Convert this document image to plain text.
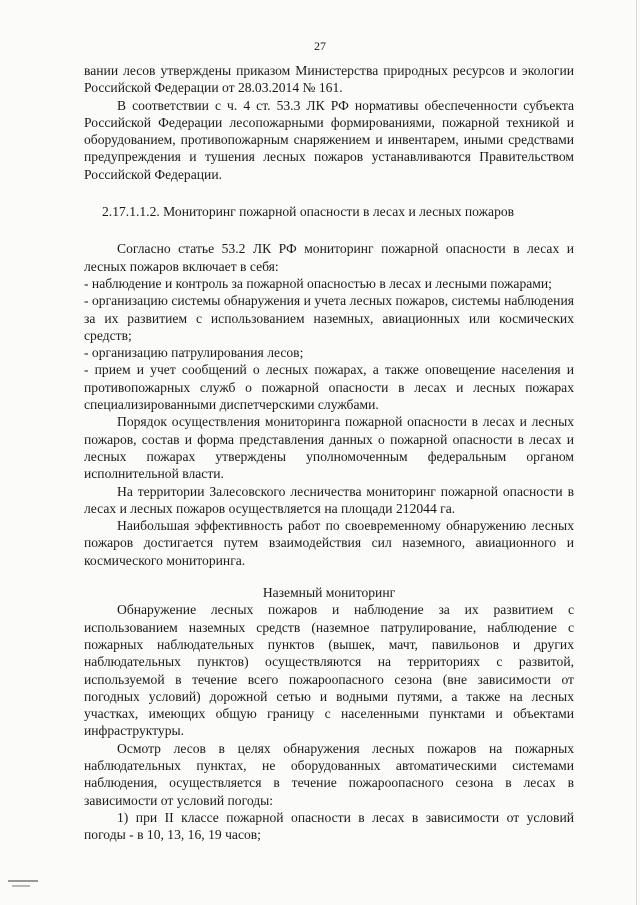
27

вании лесов утверждены приказом Министерства природных ресурсов и экологии Российской Федерации от 28.03.2014 № 161.

В соответствии с ч. 4 ст. 53.3 ЛК РФ нормативы обеспеченности субъекта Российской Федерации лесопожарными формированиями, пожарной техникой и оборудованием, противопожарным снаряжением и инвентарем, иными средствами предупреждения и тушения лесных пожаров устанавливаются Правительством Российской Федерации.

2.17.1.1.2. Мониторинг пожарной опасности в лесах и лесных пожаров

Согласно статье 53.2 ЛК РФ мониторинг пожарной опасности в лесах и лесных пожаров включает в себя:

- наблюдение и контроль за пожарной опасностью в лесах и лесными пожарами;

- организацию системы обнаружения и учета лесных пожаров, системы наблюдения за их развитием с использованием наземных, авиационных или космических средств;

- организацию патрулирования лесов;

- прием и учет сообщений о лесных пожарах, а также оповещение населения и противопожарных служб о пожарной опасности в лесах и лесных пожарах специализированными диспетчерскими службами.

Порядок осуществления мониторинга пожарной опасности в лесах и лесных пожаров, состав и форма представления данных о пожарной опасности в лесах и лесных пожарах утверждены уполномоченным федеральным органом исполнительной власти.

На территории Залесовского лесничества мониторинг пожарной опасности в лесах и лесных пожаров осуществляется на площади 212044 га.

Наибольшая эффективность работ по своевременному обнаружению лесных пожаров достигается путем взаимодействия сил наземного, авиационного и космического мониторинга.

Наземный мониторинг

Обнаружение лесных пожаров и наблюдение за их развитием с использованием наземных средств (наземное патрулирование, наблюдение с пожарных наблюдательных пунктов (вышек, мачт, павильонов и других наблюдательных пунктов) осуществляются на территориях с развитой, используемой в течение всего пожароопасного сезона (вне зависимости от погодных условий) дорожной сетью и водными путями, а также на лесных участках, имеющих общую границу с населенными пунктами и объектами инфраструктуры.

Осмотр лесов в целях обнаружения лесных пожаров на пожарных наблюдательных пунктах, не оборудованных автоматическими системами наблюдения, осуществляется в течение пожароопасного сезона в лесах в зависимости от условий погоды:

1) при II классе пожарной опасности в лесах в зависимости от условий погоды - в 10, 13, 16, 19 часов;
